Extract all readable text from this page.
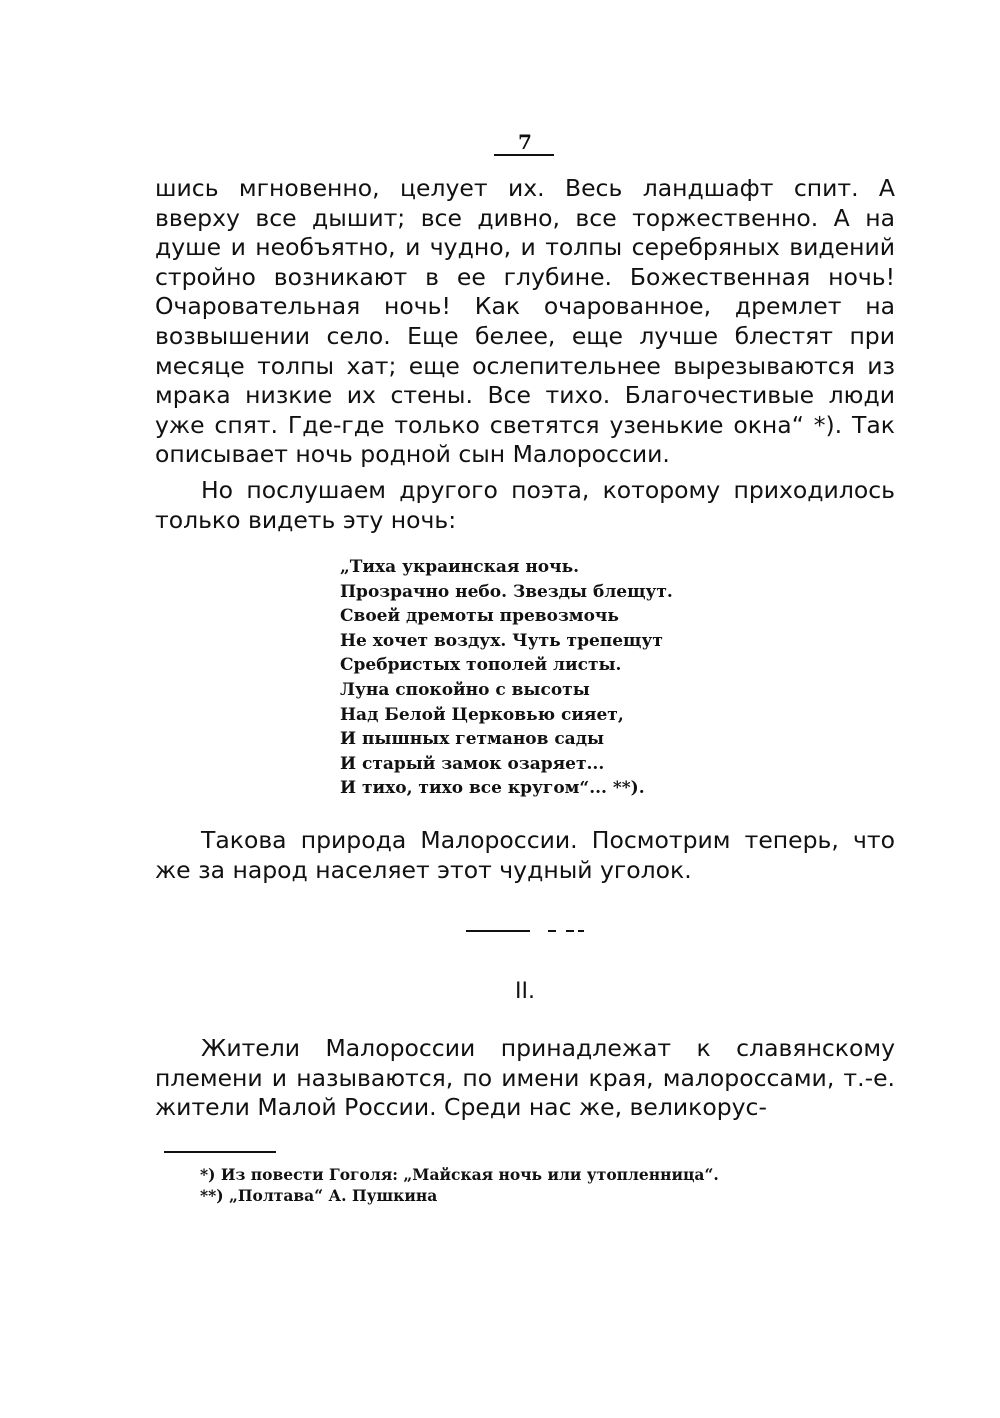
7

шись мгновенно, целует их. Весь ландшафт спит. А вверху все дышит; все дивно, все торжественно. А на душе и необъятно, и чудно, и толпы серебряных видений стройно возникают в ее глубине. Божественная ночь! Очаровательная ночь! Как очарованное, дремлет на возвышении село. Еще белее, еще лучше блестят при месяце толпы хат; еще ослепительнее вырезываются из мрака низкие их стены. Все тихо. Благочестивые люди уже спят. Где-где только светятся узенькие окна“ *). Так описывает ночь родной сын Малороссии.

Но послушаем другого поэта, которому приходилось только видеть эту ночь:

„Тиха украинская ночь.
Прозрачно небо. Звезды блещут.
Своей дремоты превозмочь
Не хочет воздух. Чуть трепещут
Сребристых тополей листы.
Луна спокойно с высоты
Над Белой Церковью сияет,
И пышных гетманов сады
И старый замок озаряет...
И тихо, тихо все кругом“... **).

Такова природа Малороссии. Посмотрим теперь, что же за народ населяет этот чудный уголок.

II.

Жители Малороссии принадлежат к славянскому племени и называются, по имени края, малороссами, т.-е. жители Малой России. Среди нас же, великорус-

*) Из повести Гоголя: „Майская ночь или утопленница“.
**) „Полтава“ А. Пушкина
